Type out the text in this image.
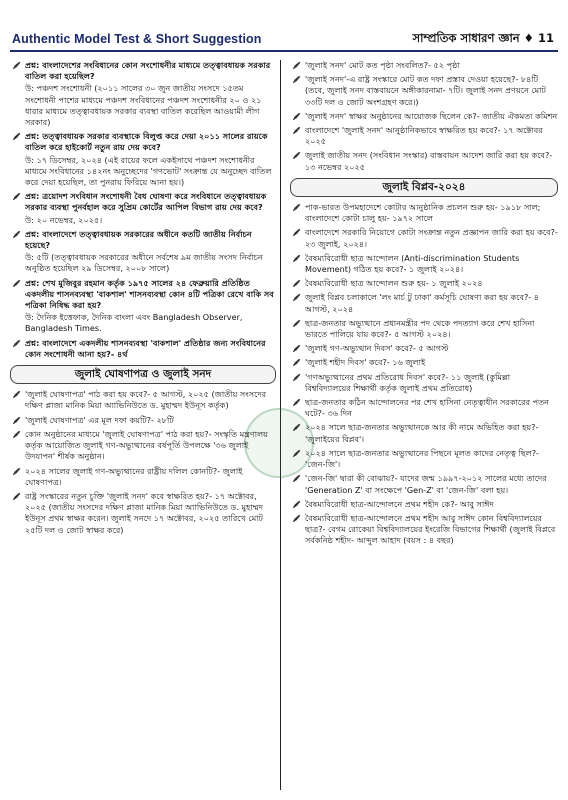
Authentic Model Test & Short Suggestion	সাম্প্রতিক সাধারণ জ্ঞান ♦ 11
প্রশ্ন: বাংলাদেশের সংবিধানের কোন সংশোধনীর মাধ্যমে তত্ত্বাবধায়ক সরকার বাতিল করা হয়েছিল?
উ: পঞ্চদশ সংশোধনী (২০১১ সালের ৩০ জুন জাতীয় সংসদে ১৫তম সংশোধনী পাশের মাধ্যমে পঞ্চদশ সংবিধানের পঞ্চদশ সংশোধনীর ২০ ও ২১ ধারার মাধ্যমে তত্ত্বাবধায়ক সরকার ব্যবস্থা বাতিল করেছিল আওয়ামী লীগ সরকার)
প্রশ্ন: তত্ত্বাবধায়ক সরকার ব্যবস্থাকে বিলুপ্ত করে দেয়া ২০১১ সালের রায়কে বাতিল করে হাইকোর্ট নতুন রায় দেয় কবে?
উ: ১৭ ডিসেম্বর, ২০২৪ (এই রায়ের ফলে একইসাথে পঞ্চদশ সংশোধনীর মাধ্যমে সংবিধানের ১৪২নং অনুচ্ছেদের 'গণভোট' সংক্রান্ত যে অনুচ্ছেদ বাতিল করে দেয়া হয়েছিল, তা পুনরায় ফিরিয়ে আনা হয়।)
প্রশ্ন: ত্রয়োদশ সংবিধান সংশোধনী বৈধ ঘোষণা করে সংবিধানে তত্ত্বাবধায়ক সরকার ব্যবস্থা পুনর্বহাল করে সুপ্রিম কোর্টের আপিল বিভাগ রায় দেয় কবে?
উ: ২০ নভেম্বর, ২০২৫।
প্রশ্ন: বাংলাদেশে তত্ত্বাবধায়ক সরকারের অধীনে কতটি জাতীয় নির্বাচন হয়েছে?
উ: ৫টি (তত্ত্বাবধায়ক সরকারের অধীনে সর্বশেষ ৯ম জাতীয় সংসদ নির্বাচন অনুষ্ঠিত হয়েছিল ২৯ ডিসেম্বর, ২০০৮ সালে)
প্রশ্ন: শেখ মুজিবুর রহমান কর্তৃক ১৯৭৫ সালের ২৪ ফেব্রুয়ারি প্রতিষ্ঠিত একদলীয় শাসনব্যবস্থা 'বাকশাল' শাসনব্যবস্থা কোন ৪টি পত্রিকা রেখে বাকি সব পত্রিকা নিষিদ্ধ করা হয়?
উ: দৈনিক ইত্তেফাক, দৈনিক বাংলা এবং Bangladesh Observer, Bangladesh Times.
প্রশ্ন: বাংলাদেশে একদলীয় শাসনব্যবস্থা 'বাকশাল' প্রতিষ্ঠার জন্য সংবিধানের কোন সংশোধনী আনা হয়?- ৪র্থ
জুলাই ঘোষণাপত্র ও জুলাই সনদ
'জুলাই ঘোষণাপত্র' পাঠ করা হয় কবে?- ৫ আগস্ট, ২০২৫ (জাতীয় সংসদের দক্ষিণ প্লাজা মানিক মিয়া অ্যাভিনিউতে ড. মুহাম্মদ ইউনূস কর্তৃক)
'জুলাই ঘোষণাপত্র' এর মূল দফা কয়টি?- ২৮টি
কোন অনুষ্ঠানের মাধ্যমে 'জুলাই ঘোষণাপত্র' পাঠ করা হয়?- সংস্কৃতি মন্ত্রণালয় কর্তৃক আয়োজিত জুলাই গণ-অভ্যুত্থানের বর্ষপূর্তি উপলক্ষে '৩৬ জুলাই উদযাপন' শীর্ষক অনুষ্ঠান।
২০২৪ সালের জুলাই গণ-অভ্যুত্থানের রাষ্ট্রীয় দলিল কোনটি?- জুলাই ঘোষণাপত্র।
রাষ্ট্র সংস্কারের নতুন চুক্তি 'জুলাই সনদ' কবে স্বাক্ষরিত হয়?- ১৭ অক্টোবর, ২০২৫ (জাতীয় সংসদের দক্ষিণ প্লাজা মানিক মিয়া অ্যাভিনিউতে ড. মুহাম্মদ ইউনূস প্রথম স্বাক্ষর করেন। জুলাই সনদে ১৭ অক্টোবর, ২০২৫ তারিখে মোট ২৫টি দল ও জোট স্বাক্ষর করে)
'জুলাই সনদ' মোট কত পৃষ্ঠা সংবলিত?- ৫২ পৃষ্ঠা
'জুলাই সনদ'-এ রাষ্ট্র সংস্কারে মোট কত দফা প্রস্তাব দেওয়া হয়েছে?- ৮৪টি (তবে, জুলাই সনদ বাস্তবায়নে অঙ্গীকারনামা- ৭টি। জুলাই সনদ প্রণয়নে মোট ৩৩টি দল ও জোট অংশগ্রহণ করে।)
'জুলাই সনদ' স্বাক্ষর অনুষ্ঠানের আয়োজক ছিলেন কে?- জাতীয় ঐকমত্য কমিশন
বাংলাদেশে 'জুলাই সনদ' আনুষ্ঠানিকভাবে স্বাক্ষরিত হয় কবে?- ১৭ অক্টোবর ২০২৫
জুলাই জাতীয় সনদ (সংবিধান সংস্কার) বাস্তবায়ন আদেশ জারি করা হয় কবে?- ১৩ নভেম্বর ২০২৫
জুলাই বিপ্লব-২০২৪
পাক-ভারত উপমহাদেশে কোটার আনুষ্ঠানিক প্রচলন শুরু হয়- ১৯১৮ সাল; বাংলাদেশে কোটা চালু হয়- ১৯৭২ সালে
বাংলাদেশে সরকারি নিয়োগে কোটা সংক্রান্ত নতুন প্রজ্ঞাপন জারি করা হয় কবে?- ২৩ জুলাই, ২০২৪।
বৈষম্যবিরোধী ছাত্র আন্দোলন (Anti-discrimination Students Movement) গঠিত হয় কবে?- ১ জুলাই ২০২৪।
বৈষম্যবিরোধী ছাত্র আন্দোলন শুরু হয়- ১ জুলাই ২০২৪
জুলাই বিপ্লব চলাকালে 'লং মার্চ টু ঢাকা' কর্মসূচি ঘোষণা করা হয় কবে?- ৪ আগস্ট, ২০২৪
ছাত্র-জনতার অভ্যুত্থানে প্রধানমন্ত্রীর পদ থেকে পদত্যাগ করে শেখ হাসিনা ভারতে পালিয়ে যায় কবে?- ৫ আগস্ট ২০২৪।
'জুলাই গণ-অভ্যুত্থান দিবস' কবে?- ৫ আগস্ট
'জুলাই শহীদ দিবস' কবে?- ১৬ জুলাই
'গণঅভ্যুত্থানের প্রথম প্রতিরোধ দিবস' কবে?- ১১ জুলাই (কুমিল্লা বিশ্ববিদ্যালয়ের শিক্ষার্থী কর্তৃক জুলাই প্রথম প্রতিরোধ)
ছাত্র-জনতার কঠিন আন্দোলনের পর শেখ হাসিনা নেতৃত্বাধীন সরকারের পতন ঘটে?- ৩৬ দিন
২০২৪ সালে ছাত্র-জনতার অভ্যুত্থানকে আর কী নামে অভিহিত করা হয়?- 'জুলাইয়ের বিপ্লব'।
২০২৪ সালে ছাত্র-জনতার অভ্যুত্থানের পিছনে মূলত কাদের নেতৃত্ব ছিল?- 'জেন-জি'।
'জেন-জি' দ্বারা কী বোঝায়?- যাদের জন্ম ১৯৯৭-২০১২ সালের মধ্যে তাদের 'Generation Z' বা সংক্ষেপে 'Gen-Z' বা 'জেন-জি' বলা হয়।
বৈষম্যবিরোধী ছাত্র-আন্দোলনে প্রথম শহীদ কে?- আবু সাঈদ
বৈষম্যবিরোধী ছাত্র-আন্দোলনে প্রথম শহীদ আবু সাঈদ কোন বিশ্ববিদ্যালয়ের ছাত্র?- বেগম রোকেয়া বিশ্ববিদ্যালয়ের ইংরেজি বিভাগের শিক্ষার্থী (জুলাই বিপ্লবে সর্বকনিষ্ঠ শহীদ- আব্দুল আহাদ (বয়স : ৪ বছর)
